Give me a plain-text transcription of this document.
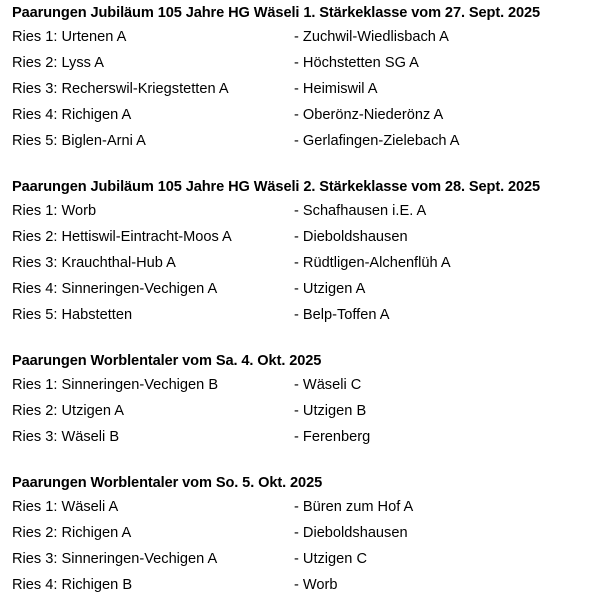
Paarungen Jubiläum 105 Jahre HG Wäseli 1. Stärkeklasse vom 27. Sept. 2025
Ries 1: Urtenen A	- Zuchwil-Wiedlisbach A
Ries 2: Lyss A	- Höchstetten SG A
Ries 3: Recherswil-Kriegstetten A	- Heimiswil A
Ries 4: Richigen A	- Oberönz-Niederönz A
Ries 5: Biglen-Arni A	- Gerlafingen-Zielebach A
Paarungen Jubiläum 105 Jahre HG Wäseli 2. Stärkeklasse vom 28. Sept. 2025
Ries 1: Worb	- Schafhausen i.E. A
Ries 2: Hettiswil-Eintracht-Moos A	- Dieboldshausen
Ries 3: Krauchthal-Hub A	- Rüdtligen-Alchenflüh A
Ries 4: Sinneringen-Vechigen A	- Utzigen A
Ries 5: Habstetten	- Belp-Toffen A
Paarungen Worblentaler vom Sa. 4. Okt. 2025
Ries 1: Sinneringen-Vechigen B	- Wäseli C
Ries 2: Utzigen A	- Utzigen B
Ries 3: Wäseli B	- Ferenberg
Paarungen Worblentaler vom So. 5. Okt. 2025
Ries 1: Wäseli A	- Büren zum Hof A
Ries 2: Richigen A	- Dieboldshausen
Ries 3: Sinneringen-Vechigen A	- Utzigen C
Ries 4: Richigen B	- Worb
